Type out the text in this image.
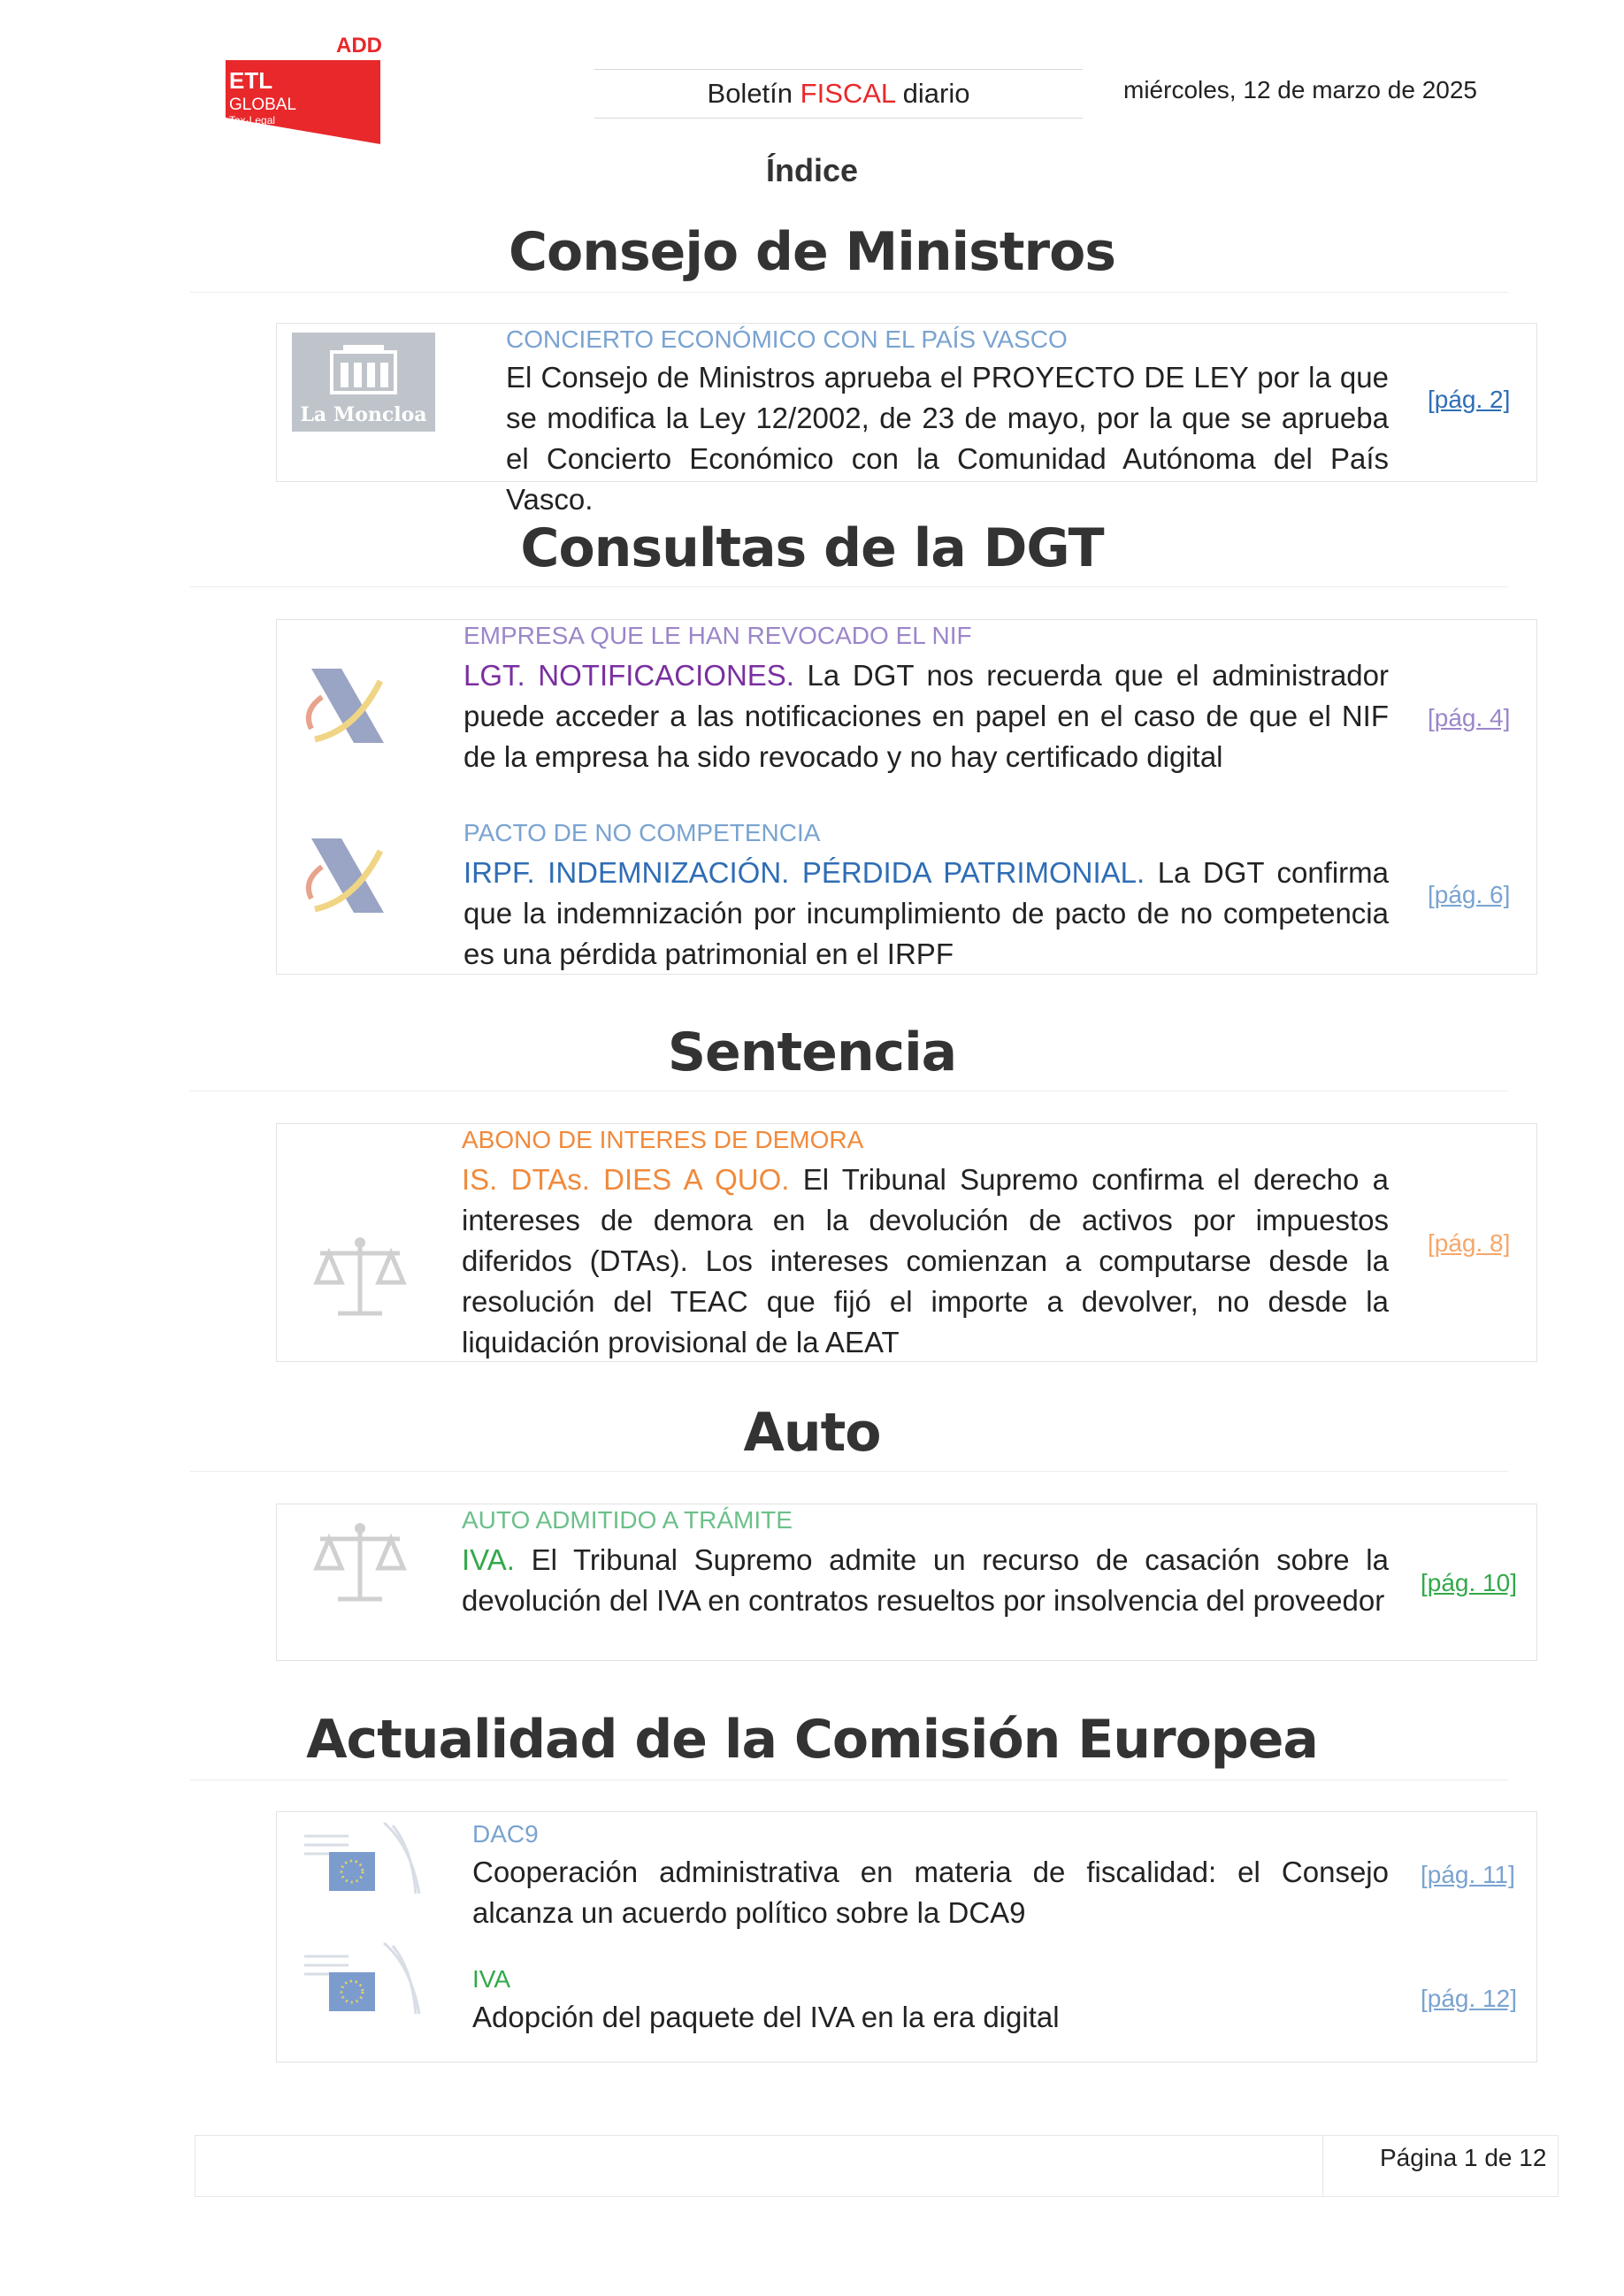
ETL
GLOBAL
Tax·Legal
ADD
Boletín FISCAL diario	miércoles, 12 de marzo de 2025
Índice
Consejo de Ministros
La Moncloa
CONCIERTO ECONÓMICO CON EL PAÍS VASCO
El Consejo de Ministros aprueba el PROYECTO DE LEY por la que se modifica la Ley 12/2002, de 23 de mayo, por la que se aprueba el Concierto Económico con la Comunidad Autónoma del País Vasco.
[pág. 2]
Consultas de la DGT
EMPRESA QUE LE HAN REVOCADO EL NIF
LGT. NOTIFICACIONES. La DGT nos recuerda que el administrador puede acceder a las notificaciones en papel en el caso de que el NIF de la empresa ha sido revocado y no hay certificado digital
[pág. 4]
PACTO DE NO COMPETENCIA
IRPF. INDEMNIZACIÓN. PÉRDIDA PATRIMONIAL. La DGT confirma que la indemnización por incumplimiento de pacto de no competencia es una pérdida patrimonial en el IRPF
[pág. 6]
Sentencia
ABONO DE INTERES DE DEMORA
IS. DTAs. DIES A QUO. El Tribunal Supremo confirma el derecho a intereses de demora en la devolución de activos por impuestos diferidos (DTAs). Los intereses comienzan a computarse desde la resolución del TEAC que fijó el importe a devolver, no desde la liquidación provisional de la AEAT
[pág. 8]
Auto
AUTO ADMITIDO A TRÁMITE
IVA. El Tribunal Supremo admite un recurso de casación sobre la devolución del IVA en contratos resueltos por insolvencia del proveedor
[pág. 10]
Actualidad de la Comisión Europea
DAC9
Cooperación administrativa en materia de fiscalidad: el Consejo alcanza un acuerdo político sobre la DCA9
[pág. 11]
IVA
Adopción del paquete del IVA en la era digital
[pág. 12]
Página 1 de 12
